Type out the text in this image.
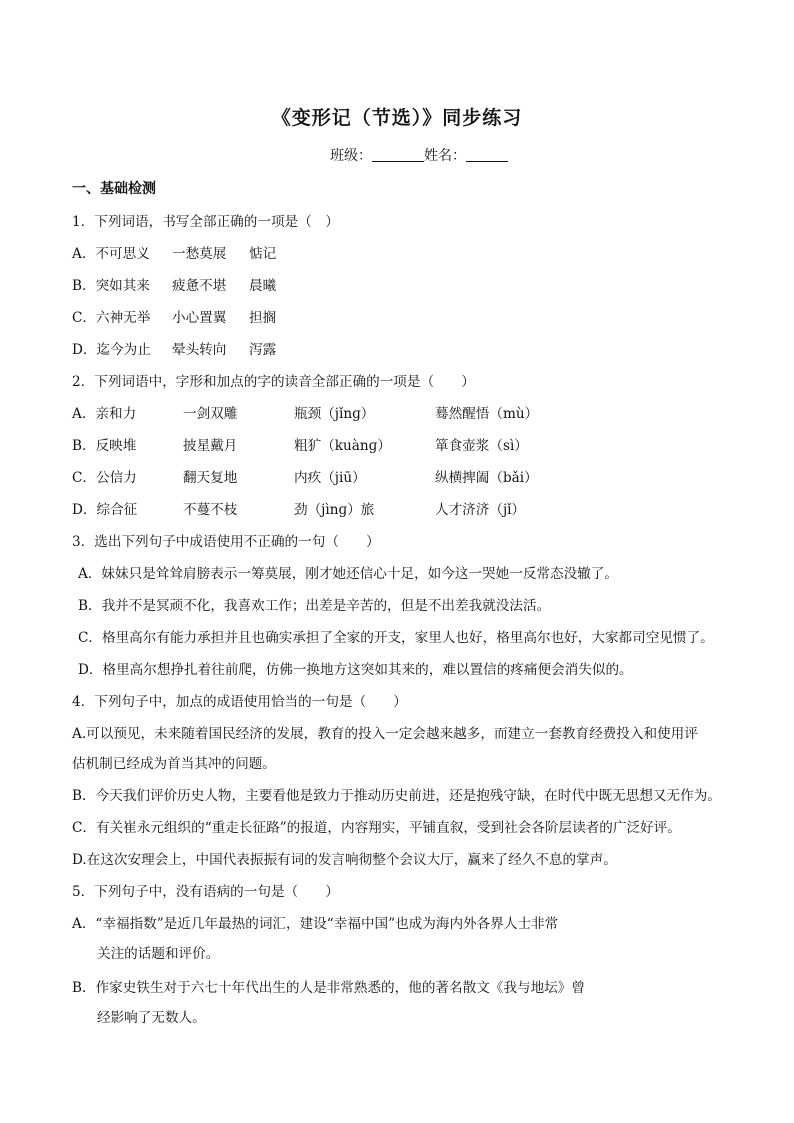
《变形记（节选）》同步练习
班级：	姓名：
一、基础检测
1．下列词语，书写全部正确的一项是（　）
A．不可思义 一愁莫展 惦记
B．突如其来 疲惫不堪 晨曦
C．六神无举 小心置翼 担搁
D．迄今为止 晕头转向 泻露
2．下列词语中，字形和加点的字的读音全部正确的一项是（　　）
A．亲和力	一剑双雕	瓶颈（jǐnɡ）	蓦然醒悟（mù）
B．反映堆	披星戴月	粗犷（kuànɡ）	箪食壶浆（sì）
C．公信力	翻天复地	内疚（jiū）	纵横捭阖（bǎi）
D．综合征	不蔓不枝	劲（jìnɡ）旅	人才济济（jǐ）
3．选出下列句子中成语使用不正确的一句（　　）
A．妹妹只是耸耸肩膀表示一筹莫展，刚才她还信心十足，如今这一哭她一反常态没辙了。
B．我并不是冥顽不化，我喜欢工作；出差是辛苦的，但是不出差我就没法活。
C．格里高尔有能力承担并且也确实承担了全家的开支，家里人也好，格里高尔也好，大家都司空见惯了。
D．格里高尔想挣扎着往前爬，仿佛一换地方这突如其来的，难以置信的疼痛便会消失似的。
4．下列句子中，加点的成语使用恰当的一句是（　　）
A.可以预见，未来随着国民经济的发展，教育的投入一定会越来越多，而建立一套教育经费投入和使用评
估机制已经成为首当其冲的问题。
B．今天我们评价历史人物，主要看他是致力于推动历史前进，还是抱残守缺，在时代中既无思想又无作为。
C．有关崔永元组织的“重走长征路”的报道，内容翔实，平铺直叙，受到社会各阶层读者的广泛好评。
D.在这次安理会上，中国代表振振有词的发言响彻整个会议大厅，赢来了经久不息的掌声。
5．下列句子中，没有语病的一句是（　　）
A．“幸福指数”是近几年最热的词汇，建设“幸福中国”也成为海内外各界人士非常
关注的话题和评价。
B．作家史铁生对于六七十年代出生的人是非常熟悉的，他的著名散文《我与地坛》曾
经影响了无数人。
